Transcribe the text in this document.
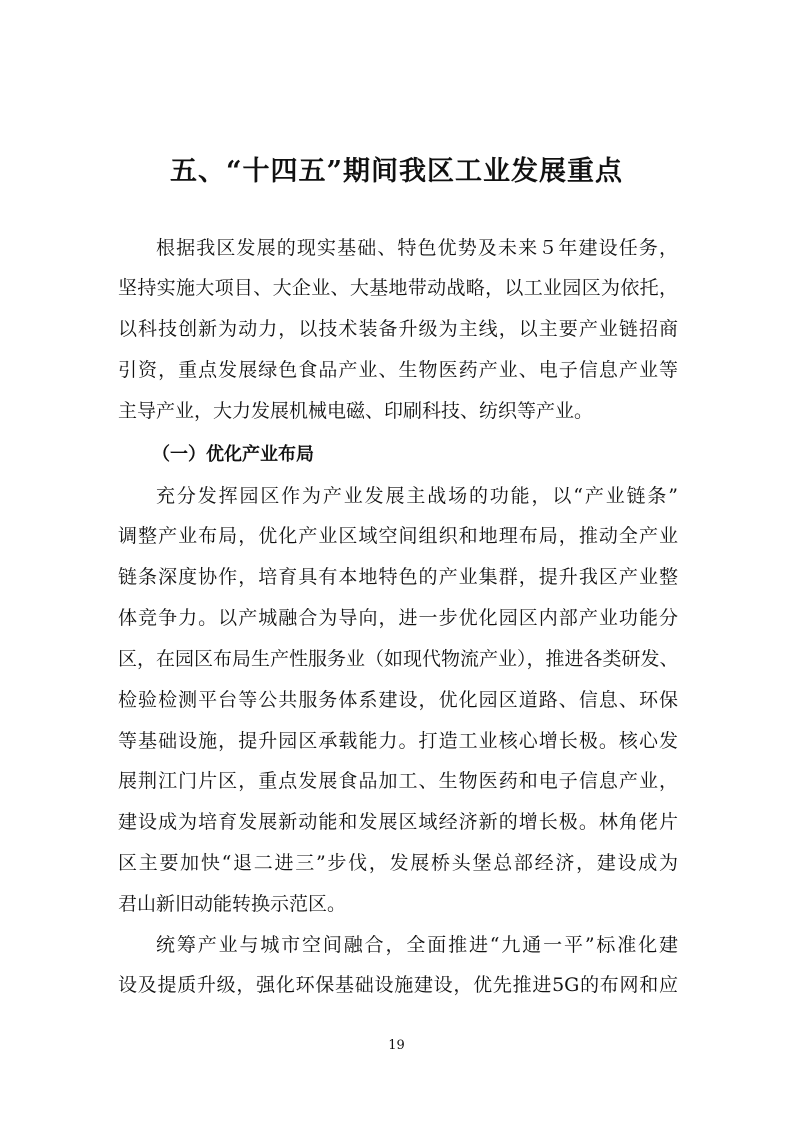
五、“十四五”期间我区工业发展重点
根据我区发展的现实基础、特色优势及未来５年建设任务，
坚持实施大项目、大企业、大基地带动战略，以工业园区为依托，
以科技创新为动力，以技术装备升级为主线，以主要产业链招商
引资，重点发展绿色食品产业、生物医药产业、电子信息产业等
主导产业，大力发展机械电磁、印刷科技、纺织等产业。
（一）优化产业布局
充分发挥园区作为产业发展主战场的功能，以“产业链条”
调整产业布局，优化产业区域空间组织和地理布局，推动全产业
链条深度协作，培育具有本地特色的产业集群，提升我区产业整
体竞争力。以产城融合为导向，进一步优化园区内部产业功能分
区，在园区布局生产性服务业（如现代物流产业），推进各类研发、
检验检测平台等公共服务体系建设，优化园区道路、信息、环保
等基础设施，提升园区承载能力。打造工业核心增长极。核心发
展荆江门片区，重点发展食品加工、生物医药和电子信息产业，
建设成为培育发展新动能和发展区域经济新的增长极。林角佬片
区主要加快“退二进三”步伐，发展桥头堡总部经济，建设成为
君山新旧动能转换示范区。
统筹产业与城市空间融合，全面推进“九通一平”标准化建
设及提质升级，强化环保基础设施建设，优先推进5G的布网和应
19
